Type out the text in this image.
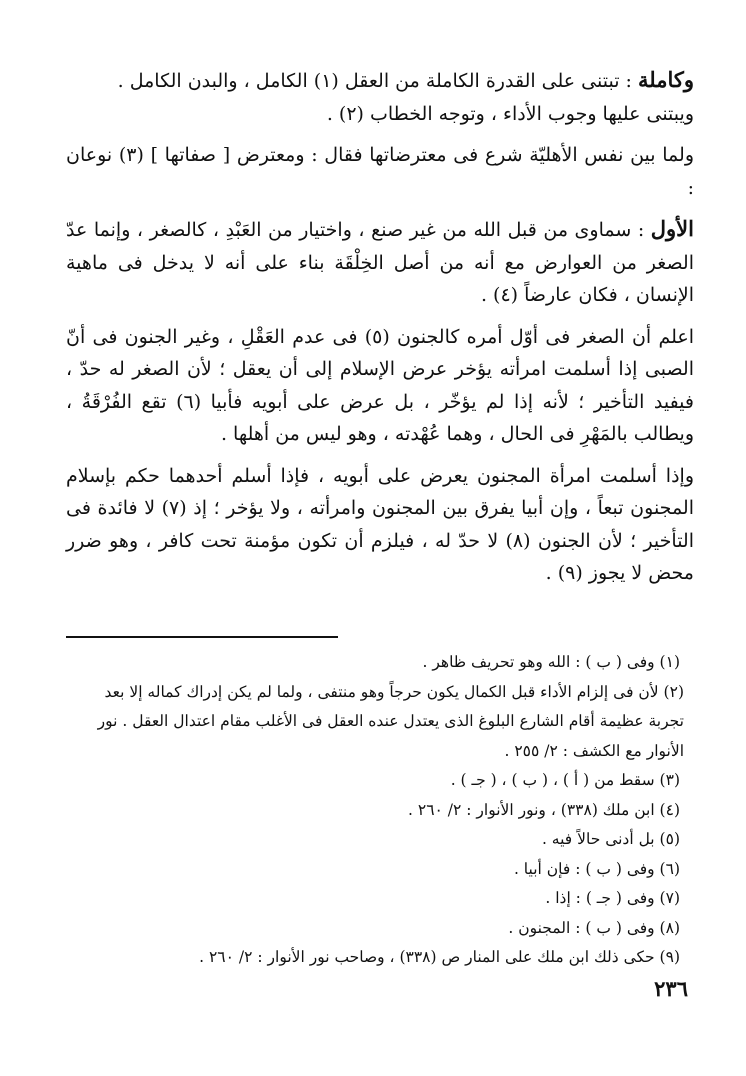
وكاملة : تبتنى على القدرة الكاملة من العقل (١) الكامل ، والبدن الكامل .

ويبتنى عليها وجوب الأداء ، وتوجه الخطاب (٢) .

ولما بين نفس الأهليّة شرع فى معترضاتها فقال : ومعترض [ صفاتها ] (٣) نوعان :

الأول : سماوى من قبل الله من غير صنع ، واختيار من العَبْدِ ، كالصغر ، وإنما عدّ الصغر من العوارض مع أنه من أصل الخِلْقَة بناء على أنه لا يدخل فى ماهية الإنسان ، فكان عارضاً (٤) .

اعلم أن الصغر فى أوّل أمره كالجنون (٥) فى عدم العَقْلِ ، وغير الجنون فى أنّ الصبى إذا أسلمت امرأته يؤخر عرض الإسلام إلى أن يعقل ؛ لأن الصغر له حدّ ، فيفيد التأخير ؛ لأنه إذا لم يؤخّر ، بل عرض على أبويه فأبيا (٦) تقع الفُرْقَةُ ، ويطالب بالمَهْرِ فى الحال ، وهما عُهْدته ، وهو ليس من أهلها .

وإذا أسلمت امرأة المجنون يعرض على أبويه ، فإذا أسلم أحدهما حكم بإسلام المجنون تبعاً ، وإن أبيا يفرق بين المجنون وامرأته ، ولا يؤخر ؛ إذ (٧) لا فائدة فى التأخير ؛ لأن الجنون (٨) لا حدّ له ، فيلزم أن تكون مؤمنة تحت كافر ، وهو ضرر محض لا يجوز (٩) .

(١) وفى ( ب ) : الله وهو تحريف ظاهر .

(٢) لأن فى إلزام الأداء قبل الكمال يكون حرجاً وهو منتفى ، ولما لم يكن إدراك كماله إلا بعد تجربة عظيمة أقام الشارع البلوغ الذى يعتدل عنده العقل فى الأغلب مقام اعتدال العقل . نور الأنوار مع الكشف : ٢/ ٢٥٥ .

(٣) سقط من ( أ ) ، ( ب ) ، ( جـ ) .

(٤) ابن ملك (٣٣٨) ، ونور الأنوار : ٢/ ٢٦٠ .

(٥) بل أدنى حالاً فيه .

(٦) وفى ( ب ) : فإن أبيا .

(٧) وفى ( جـ ) : إذا .

(٨) وفى ( ب ) : المجنون .

(٩) حكى ذلك ابن ملك على المنار ص (٣٣٨) ، وصاحب نور الأنوار : ٢/ ٢٦٠ .

٢٣٦
